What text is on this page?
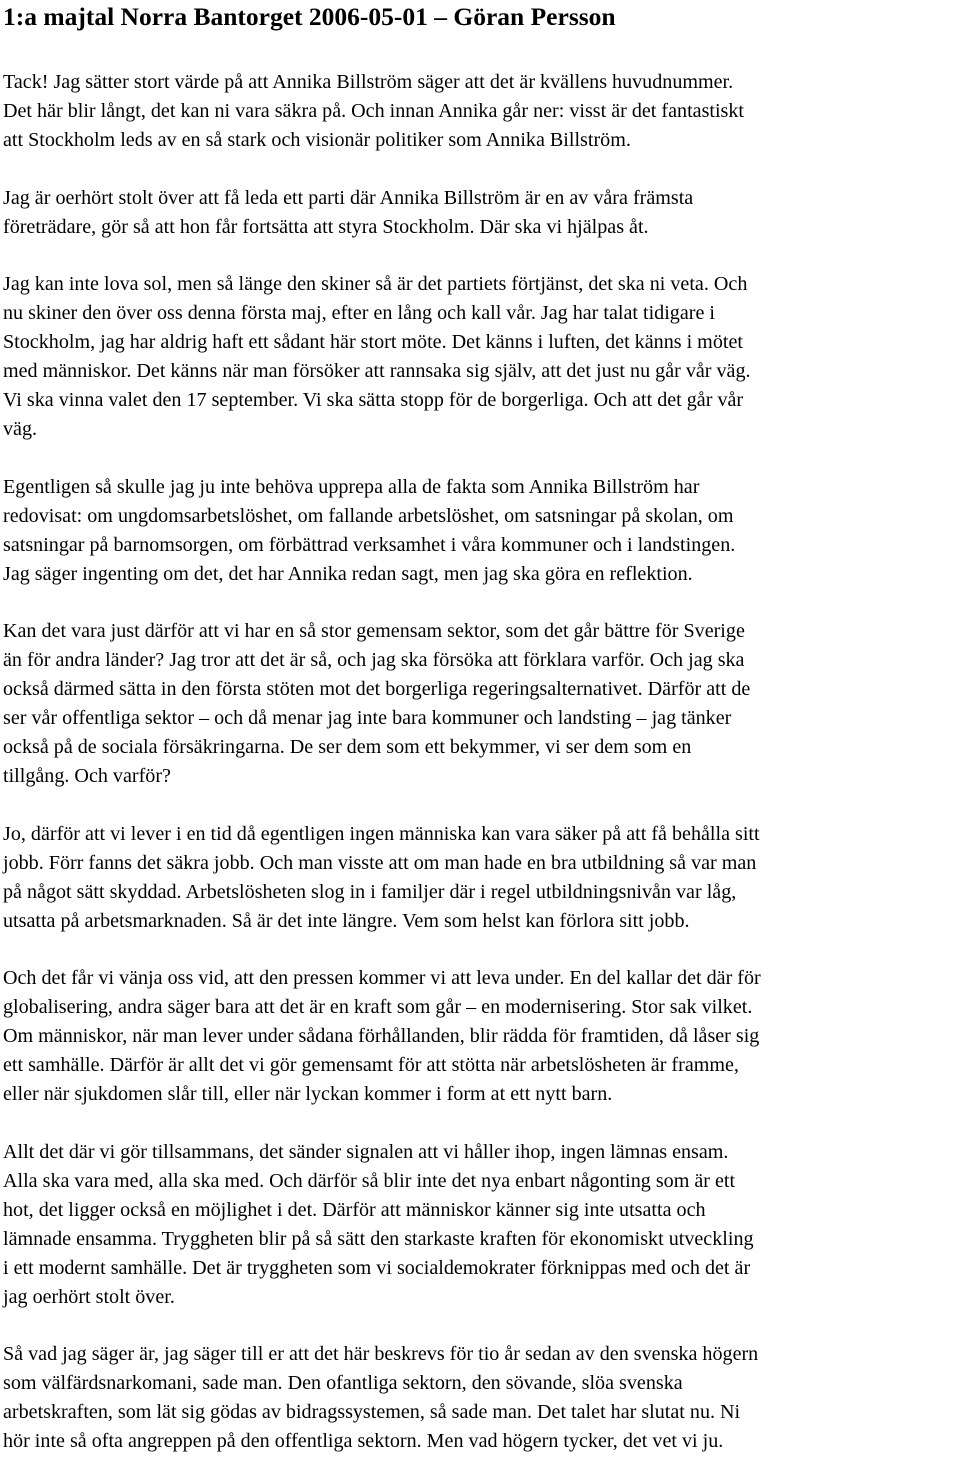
1:a majtal Norra Bantorget 2006-05-01 – Göran Persson

Tack! Jag sätter stort värde på att Annika Billström säger att det är kvällens huvudnummer.
Det här blir långt, det kan ni vara säkra på. Och innan Annika går ner: visst är det fantastiskt
att Stockholm leds av en så stark och visionär politiker som Annika Billström.

Jag är oerhört stolt över att få leda ett parti där Annika Billström är en av våra främsta
företrädare, gör så att hon får fortsätta att styra Stockholm. Där ska vi hjälpas åt.

Jag kan inte lova sol, men så länge den skiner så är det partiets förtjänst, det ska ni veta. Och
nu skiner den över oss denna första maj, efter en lång och kall vår. Jag har talat tidigare i
Stockholm, jag har aldrig haft ett sådant här stort möte. Det känns i luften, det känns i mötet
med människor. Det känns när man försöker att rannsaka sig själv, att det just nu går vår väg.
Vi ska vinna valet den 17 september. Vi ska sätta stopp för de borgerliga. Och att det går vår
väg.

Egentligen så skulle jag ju inte behöva upprepa alla de fakta som Annika Billström har
redovisat: om ungdomsarbetslöshet, om fallande arbetslöshet, om satsningar på skolan, om
satsningar på barnomsorgen, om förbättrad verksamhet i våra kommuner och i landstingen.
Jag säger ingenting om det, det har Annika redan sagt, men jag ska göra en reflektion.

Kan det vara just därför att vi har en så stor gemensam sektor, som det går bättre för Sverige
än för andra länder? Jag tror att det är så, och jag ska försöka att förklara varför. Och jag ska
också därmed sätta in den första stöten mot det borgerliga regeringsalternativet. Därför att de
ser vår offentliga sektor – och då menar jag inte bara kommuner och landsting – jag tänker
också på de sociala försäkringarna. De ser dem som ett bekymmer, vi ser dem som en
tillgång. Och varför?

Jo, därför att vi lever i en tid då egentligen ingen människa kan vara säker på att få behålla sitt
jobb. Förr fanns det säkra jobb. Och man visste att om man hade en bra utbildning så var man
på något sätt skyddad. Arbetslösheten slog in i familjer där i regel utbildningsnivån var låg,
utsatta på arbetsmarknaden. Så är det inte längre. Vem som helst kan förlora sitt jobb.

Och det får vi vänja oss vid, att den pressen kommer vi att leva under. En del kallar det där för
globalisering, andra säger bara att det är en kraft som går – en modernisering. Stor sak vilket.
Om människor, när man lever under sådana förhållanden, blir rädda för framtiden, då låser sig
ett samhälle. Därför är allt det vi gör gemensamt för att stötta när arbetslösheten är framme,
eller när sjukdomen slår till, eller när lyckan kommer i form at ett nytt barn.

Allt det där vi gör tillsammans, det sänder signalen att vi håller ihop, ingen lämnas ensam.
Alla ska vara med, alla ska med. Och därför så blir inte det nya enbart någonting som är ett
hot, det ligger också en möjlighet i det. Därför att människor känner sig inte utsatta och
lämnade ensamma. Tryggheten blir på så sätt den starkaste kraften för ekonomiskt utveckling
i ett modernt samhälle. Det är tryggheten som vi socialdemokrater förknippas med och det är
jag oerhört stolt över.

Så vad jag säger är, jag säger till er att det här beskrevs för tio år sedan av den svenska högern
som välfärdsnarkomani, sade man. Den ofantliga sektorn, den sövande, slöa svenska
arbetskraften, som lät sig gödas av bidragssystemen, så sade man. Det talet har slutat nu. Ni
hör inte så ofta angreppen på den offentliga sektorn. Men vad högern tycker, det vet vi ju.
